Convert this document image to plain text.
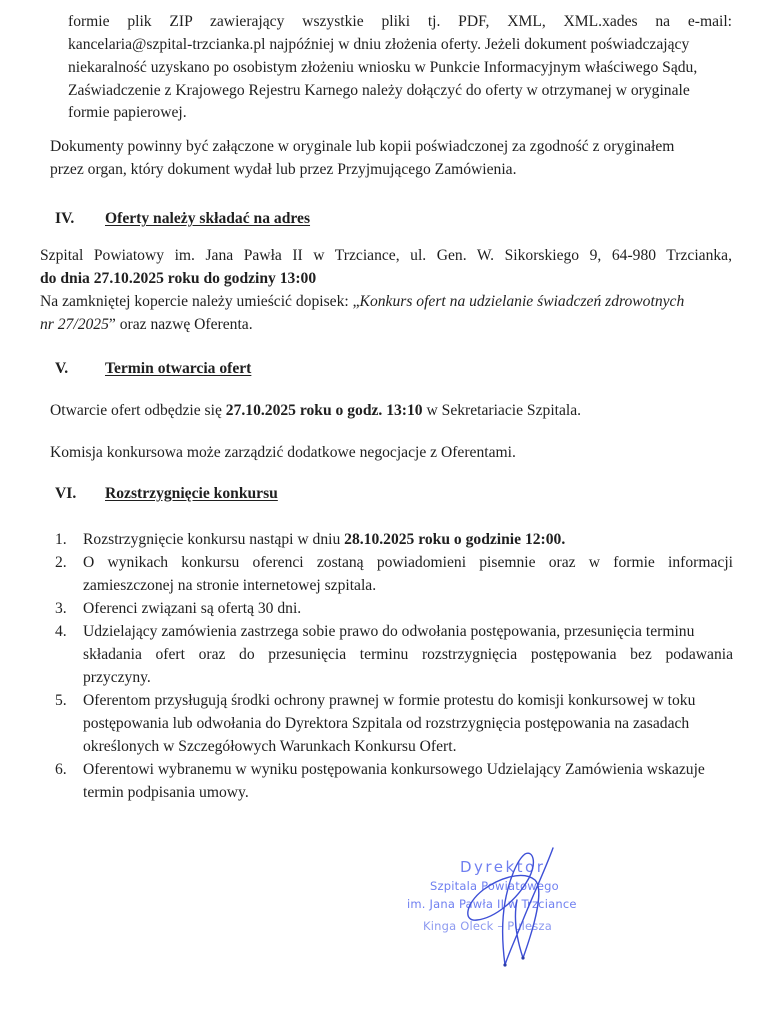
formie plik ZIP zawierający wszystkie pliki tj. PDF, XML, XML.xades na e-mail:
kancelaria@szpital-trzcianka.pl najpóźniej w dniu złożenia oferty. Jeżeli dokument poświadczający
niekaralność uzyskano po osobistym złożeniu wniosku w Punkcie Informacyjnym właściwego Sądu,
Zaświadczenie z Krajowego Rejestru Karnego należy dołączyć do oferty w otrzymanej w oryginale
formie papierowej.
Dokumenty powinny być załączone w oryginale lub kopii poświadczonej za zgodność z oryginałem
przez organ, który dokument wydał lub przez Przyjmującego Zamówienia.
IV. Oferty należy składać na adres
Szpital Powiatowy im. Jana Pawła II w Trzciance, ul. Gen. W. Sikorskiego 9, 64-980 Trzcianka,
do dnia 27.10.2025 roku do godziny 13:00
Na zamkniętej kopercie należy umieścić dopisek: „Konkurs ofert na udzielanie świadczeń zdrowotnych
nr 27/2025” oraz nazwę Oferenta.
V. Termin otwarcia ofert
Otwarcie ofert odbędzie się 27.10.2025 roku o godz. 13:10 w Sekretariacie Szpitala.
Komisja konkursowa może zarządzić dodatkowe negocjacje z Oferentami.
VI. Rozstrzygnięcie konkursu
1. Rozstrzygnięcie konkursu nastąpi w dniu 28.10.2025 roku o godzinie 12:00.
2. O wynikach konkursu oferenci zostaną powiadomieni pisemnie oraz w formie informacji
zamieszczonej na stronie internetowej szpitala.
3. Oferenci związani są ofertą 30 dni.
4. Udzielający zamówienia zastrzega sobie prawo do odwołania postępowania, przesunięcia terminu
składania ofert oraz do przesunięcia terminu rozstrzygnięcia postępowania bez podawania
przyczyny.
5. Oferentom przysługują środki ochrony prawnej w formie protestu do komisji konkursowej w toku
postępowania lub odwołania do Dyrektora Szpitala od rozstrzygnięcia postępowania na zasadach
określonych w Szczegółowych Warunkach Konkursu Ofert.
6. Oferentowi wybranemu w wyniku postępowania konkursowego Udzielający Zamówienia wskazuje
termin podpisania umowy.
Dyrektor
Szpitala Powiatowego
im. Jana Pawła II w Trzciance
Kinga Oleck – Pulesza
